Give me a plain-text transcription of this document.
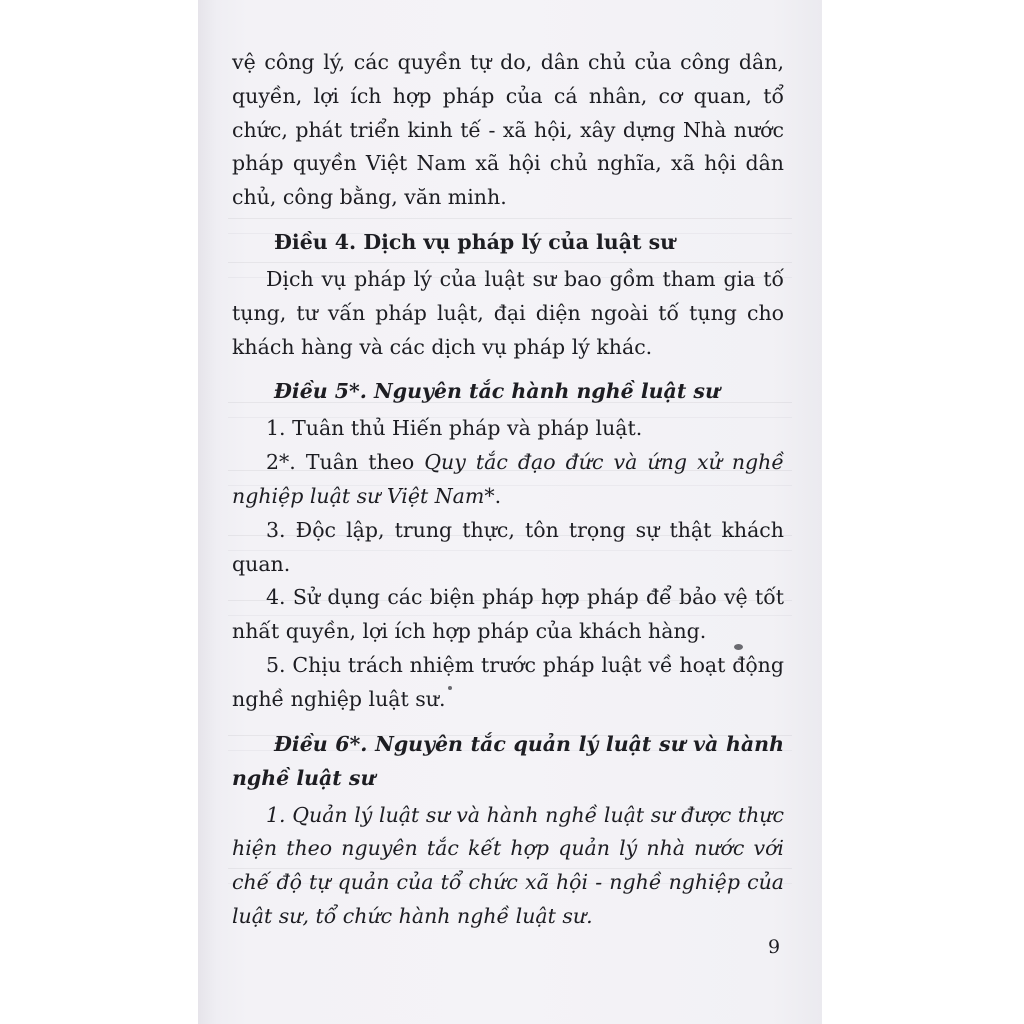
vệ công lý, các quyền tự do, dân chủ của công dân, quyền, lợi ích hợp pháp của cá nhân, cơ quan, tổ chức, phát triển kinh tế - xã hội, xây dựng Nhà nước pháp quyền Việt Nam xã hội chủ nghĩa, xã hội dân chủ, công bằng, văn minh.

Điều 4. Dịch vụ pháp lý của luật sư

Dịch vụ pháp lý của luật sư bao gồm tham gia tố tụng, tư vấn pháp luật, đại diện ngoài tố tụng cho khách hàng và các dịch vụ pháp lý khác.

Điều 5*. Nguyên tắc hành nghề luật sư

1. Tuân thủ Hiến pháp và pháp luật.

2*. Tuân theo Quy tắc đạo đức và ứng xử nghề nghiệp luật sư Việt Nam*.

3. Độc lập, trung thực, tôn trọng sự thật khách quan.

4. Sử dụng các biện pháp hợp pháp để bảo vệ tốt nhất quyền, lợi ích hợp pháp của khách hàng.

5. Chịu trách nhiệm trước pháp luật về hoạt động nghề nghiệp luật sư.

Điều 6*. Nguyên tắc quản lý luật sư và hành nghề luật sư

1. Quản lý luật sư và hành nghề luật sư được thực hiện theo nguyên tắc kết hợp quản lý nhà nước với chế độ tự quản của tổ chức xã hội - nghề nghiệp của luật sư, tổ chức hành nghề luật sư.

9
